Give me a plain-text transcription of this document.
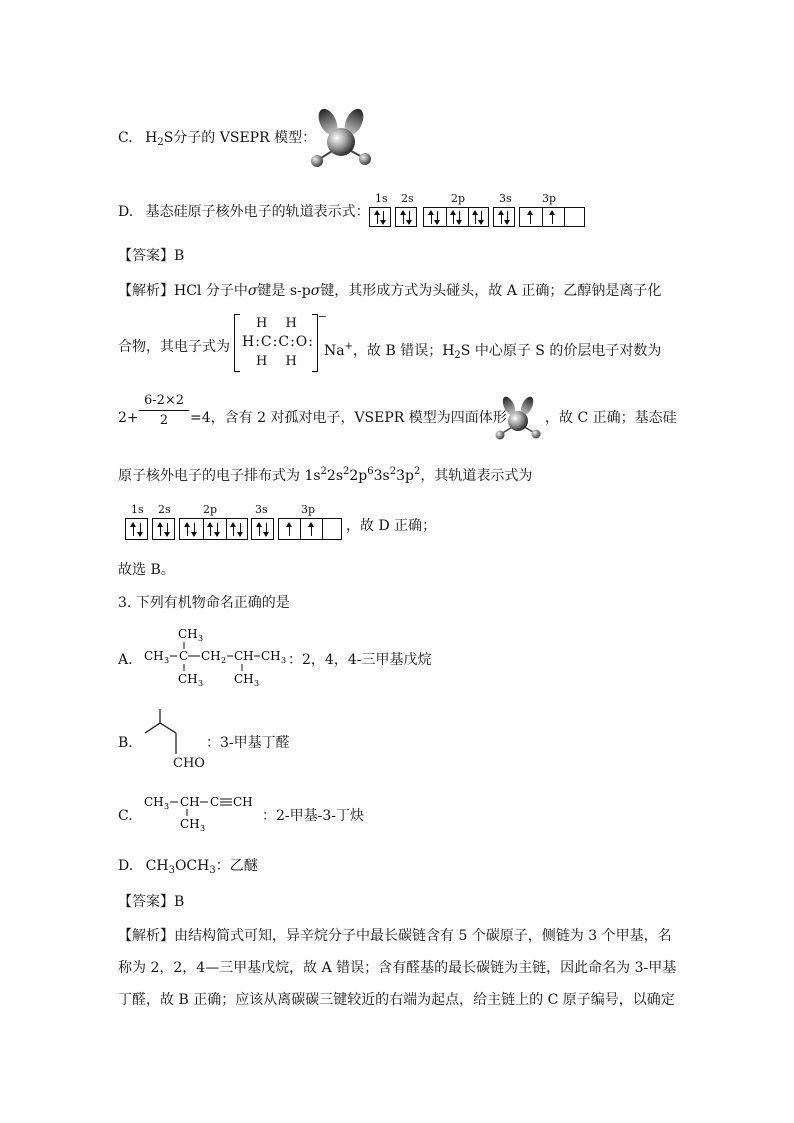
C. $H_2S$分子的 VSEPR 模型：
D. 基态硅原子核外电子的轨道表示式：
1s 2s	2p	3s	3p
【答案】B
【解析】HCl 分子中σ键是 s-pσ键，其形成方式为头碰头，故 A 正确；乙醇钠是离子化
合物，其电子式为
H H
H:C:C:O:
H H
−
Na+，故 B 错误；$H_2S$ 中心原子 S 的价层电子对数为
$2+ \frac{6-2\times 2}{2} =4$，含有 2 对孤对电子，VSEPR 模型为四面体形	，故 C 正确；基态硅
原子核外电子的电子排布式为 $1s^22s^22p^63s^23p^2$，其轨道表示式为
1s 2s	2p	3s	3p
，故 D 正确；
故选 B。
3. 下列有机物命名正确的是
A.
CH 3
CH 3 C CH 2 CH CH 3
CH 3	CH 3
：2，4，4-三甲基戊烷
B.
CHO
：3-甲基丁醛
C.
CH 3 CH C CH
CH 3
：2-甲基-3-丁炔
D. $CH_3OCH_3$：乙醚
【答案】B
【解析】由结构简式可知，异辛烷分子中最长碳链含有 5 个碳原子，侧链为 3 个甲基，名
称为 2，2，4—三甲基戊烷，故 A 错误；含有醛基的最长碳链为主链，因此命名为 3-甲基
丁醛，故 B 正确；应该从离碳碳三键较近的右端为起点，给主链上的 C 原子编号，以确定
